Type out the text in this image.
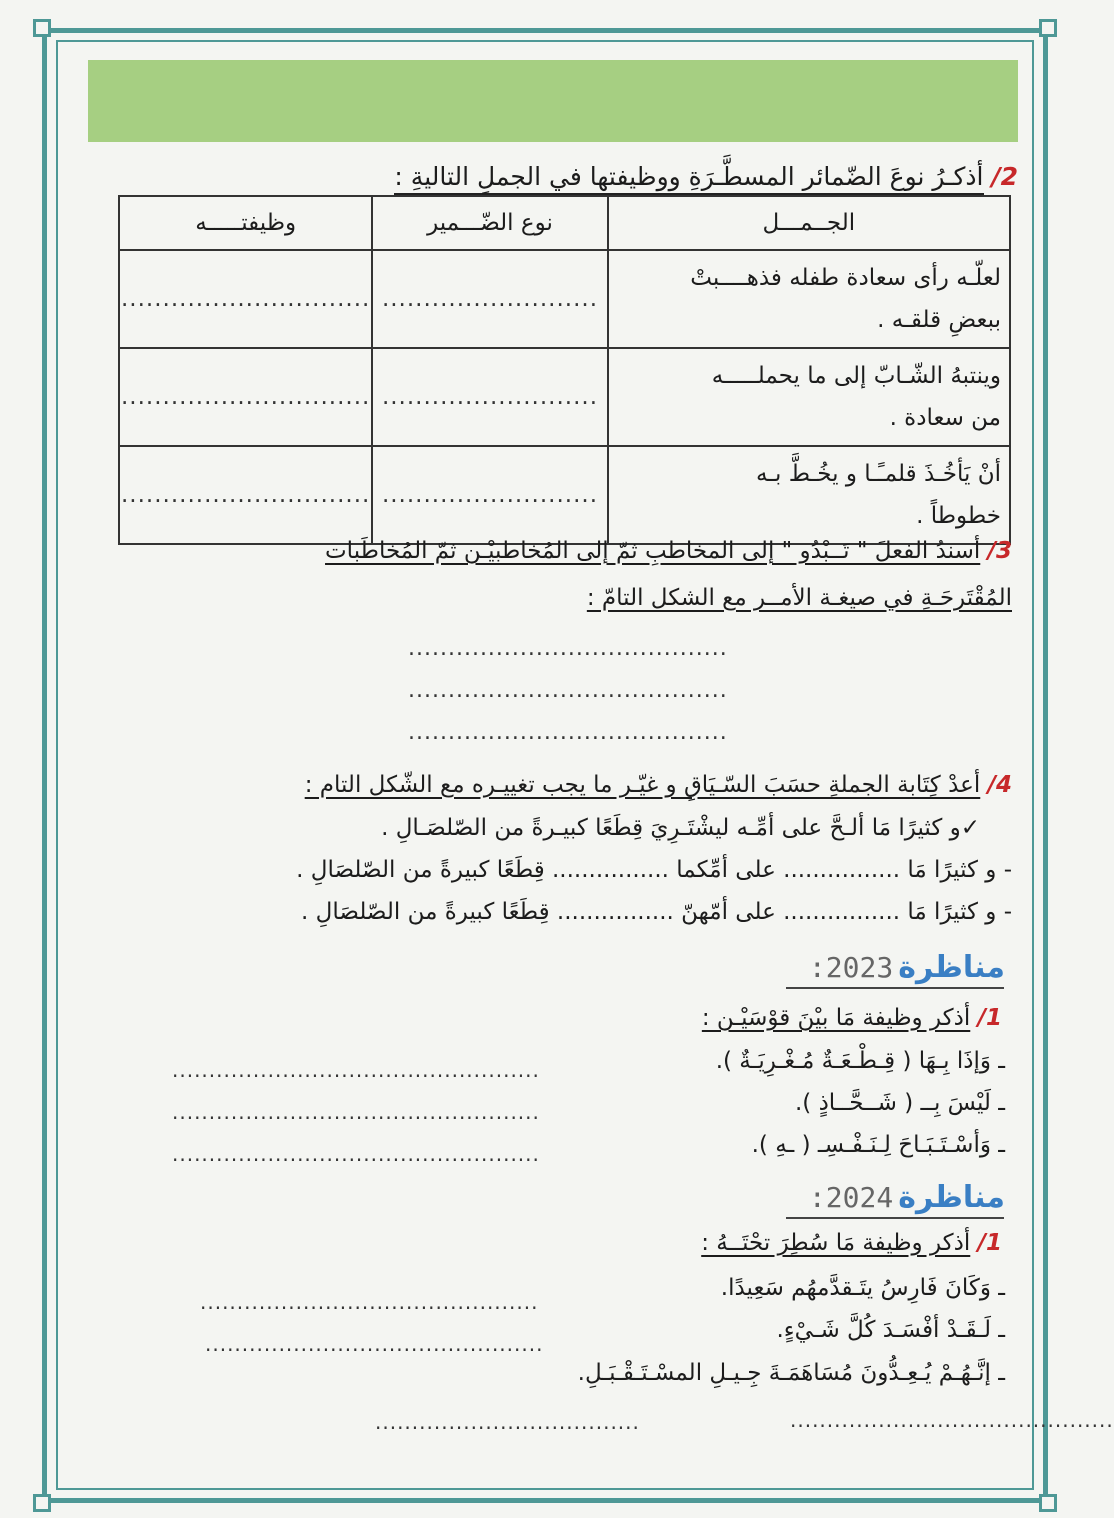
2/ أذكـرُ نوعَ الضّمائر المسطَّـرَةِ ووظيفتها في الجملِ التاليةِ :
الجــمـــل	نوع الضّـــمير	وظيفتـــــه

لعلّـه رأى سعادة طفله فذهــــبتْ
ببعضِ قلقـه .	..........................	..............................

وينتبهُ الشّـابّ إلى ما يحملـــــه
من سعادة .	..........................	..............................

أنْ يَأخُـذَ قلمـًـا و يخُـطَّ بـه
خطوطاً .	..........................	..............................
3/ أسندُ الفعلَ " تَــبْدُو " إلى المخاطبِ ثمّ إلى المُخاطبيْـن ثمّ المُخاطَبات
المُقْتَرحَـةِ في صيغـة الأمــر مع الشكل التامّ :
........................................
........................................
........................................
4/ أعدْ كِتَابة الجملةِ حسَبَ السّـيَاقِ و غيّـر ما يجب تغييـره مع الشّكل التام :
✓و كثيرًا مَا ألـحَّ على أمِّـه ليشْتَـرِيَ قِطَعًا كبيـرةً من الصّلصَـالِ .
- و كثيرًا مَا ................ على أمِّكما ................ قِطَعًا كبيرةً من الصّلصَالِ .
- و كثيرًا مَا ................ على أمّهنّ ................ قِطَعًا كبيرةً من الصّلصَالِ .
مناظرة 2023:
1/ أذكر وظيفة مَا بيْنَ قوْسَيْـن :
ـ وَإذَا بِـهَا ( قِـطْـعَـةٌ مُـغْـرِيَـةٌ ).
ـ لَيْسَ بِــ ( شَــحَّــاذٍ ).
ـ وَأسْـتَـبَـاحَ لِـنَـفْـسِـ ( ـهِ ).
..................................................
..................................................
..................................................
مناظرة 2024:
1/ أذكر وظيفة مَا سُطِرَ تحْتَــهُ :
ـ وَكَانَ فَارِسُ يتَـقدَّمهُم سَعِيدًا.
ـ لَـقَـدْ أفْسَـدَ كُلَّ شَـيْءٍ.
ـ إنَّـهُـمْ يُـعِـدُّونَ مُسَاهَمَـةَ جِـيـلِ المسْـتَـقْـبَـلِ.
..............................................
..............................................
....................................	............................................
